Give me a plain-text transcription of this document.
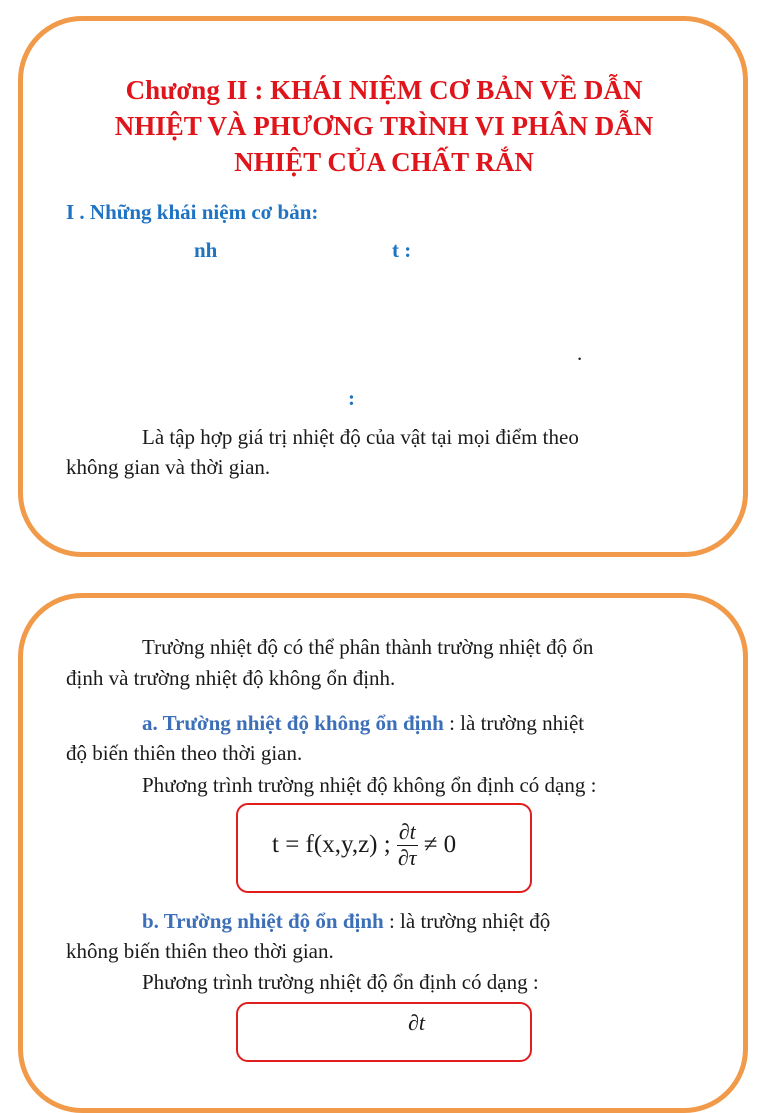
Chương II : KHÁI NIỆM CƠ BẢN VỀ DẪN
NHIỆT VÀ PHƯƠNG TRÌNH VI PHÂN DẪN
NHIỆT CỦA CHẤT RẮN
I . Những khái niệm cơ bản:
nh	t :
.
:
Là tập hợp giá trị nhiệt độ của vật tại mọi điểm theo
không gian và thời gian.
Trường nhiệt độ có thể phân thành trường nhiệt độ ổn
định và trường nhiệt độ không ổn định.
a. Trường nhiệt độ không ổn định : là trường nhiệt
độ biến thiên theo thời gian.
Phương trình trường nhiệt độ không ổn định có dạng :
t = f(x,y,z) ; $\frac{\partial t}{\partial\tau} \ne 0$
b. Trường nhiệt độ ổn định : là trường nhiệt độ
không biến thiên theo thời gian.
Phương trình trường nhiệt độ ổn định có dạng :
∂t
